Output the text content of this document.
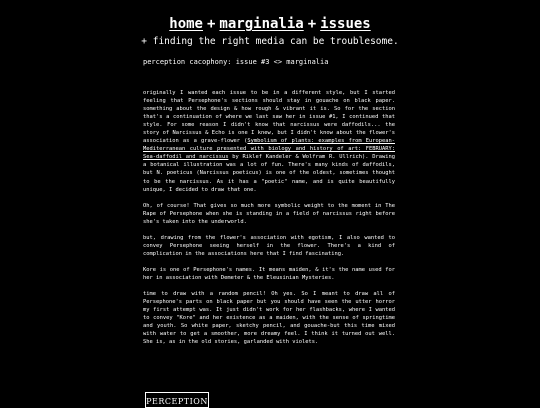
home + marginalia + issues
+ finding the right media can be troublesome.
perception cacophony: issue #3 <> marginalia

originally I wanted each issue to be in a different style, but I started feeling that Persephone's sections should stay in gouache on black paper. something about the design & how rough & vibrant it is. So for the section that's a continuation of where we last saw her in issue #1, I continued that style. For some reason I didn't know that narcissus were daffodils... the story of Narcissus & Echo is one I knew, but I didn't know about the flower's association as a grave-flower (Symbolism of plants: examples from European-Mediterranean culture presented with biology and history of art: FEBRUARY: Sea-daffodil and narcissus by Riklef Kandeler & Wolfram R. Ullrich). Drawing a botanical illustration was a lot of fun. There's many kinds of daffodils, but N. poeticus (Narcissus poeticus) is one of the oldest, sometimes thought to be the narcissus. As it has a "poetic" name, and is quite beautifully unique, I decided to draw that one.

Oh, of course! That gives so much more symbolic weight to the moment in The Rape of Persephone when she is standing in a field of narcissus right before she's taken into the underworld.

but, drawing from the flower's association with egotism, I also wanted to convey Persephone seeing herself in the flower. There's a kind of complication in the associations here that I find fascinating.

Kore is one of Persephone's names. It means maiden, & it's the name used for her in association with Demeter & the Eleusinian Mysteries.

time to draw with a random pencil! Oh yes. So I meant to draw all of Persephone's parts on black paper but you should have seen the utter horror my first attempt was. It just didn't work for her flashbacks, where I wanted to convey "Kore" and her existence as a maiden, with the sense of springtime and youth. So white paper, sketchy pencil, and gouache-but this time mixed with water to get a smoother, more dreamy feel. I think it turned out well. She is, as in the old stories, garlanded with violets.

PERCEPTION
